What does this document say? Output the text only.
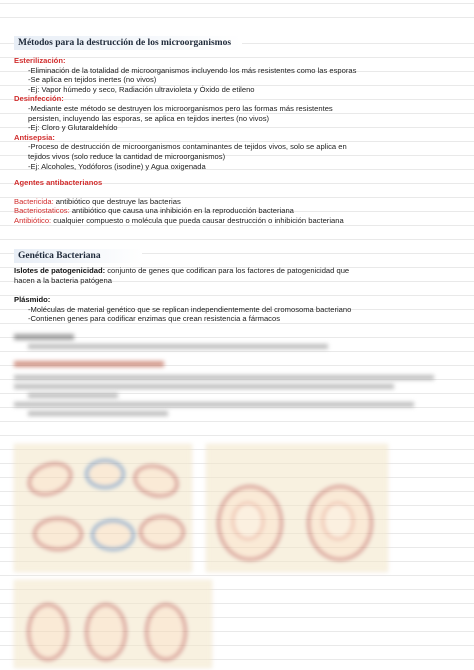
Métodos para la destrucción de los microorganismos
Esterilización:
-Eliminación de la totalidad de microorganismos incluyendo los más resistentes como las esporas
-Se aplica en tejidos inertes (no vivos)
-Ej: Vapor húmedo y seco, Radiación ultravioleta y Óxido de etileno
Desinfección:
-Mediante este método se destruyen los microorganismos pero las formas más resistentes
persisten, incluyendo las esporas, se aplica en tejidos inertes (no vivos)
-Ej: Cloro y Glutaraldehído
Antisepsia:
-Proceso de destrucción de microorganismos contaminantes de tejidos vivos, solo se aplica en
tejidos vivos (solo reduce la cantidad de microorganismos)
-Ej: Alcoholes, Yodóforos (isodine) y Agua oxigenada
Agentes antibacterianos
Bactericida: antibiótico que destruye las bacterias
Bacteriostaticos: antibiótico que causa una inhibición en la reproducción bacteriana
Antibiótico: cualquier compuesto o molécula que pueda causar destrucción o inhibición bacteriana
Genética Bacteriana
Islotes de patogenicidad: conjunto de genes que codifican para los factores de patogenicidad que
hacen a la bacteria patógena
Plásmido:
-Moléculas de material genético que se replican independientemente del cromosoma bacteriano
-Contienen genes para codificar enzimas que crean resistencia a fármacos
